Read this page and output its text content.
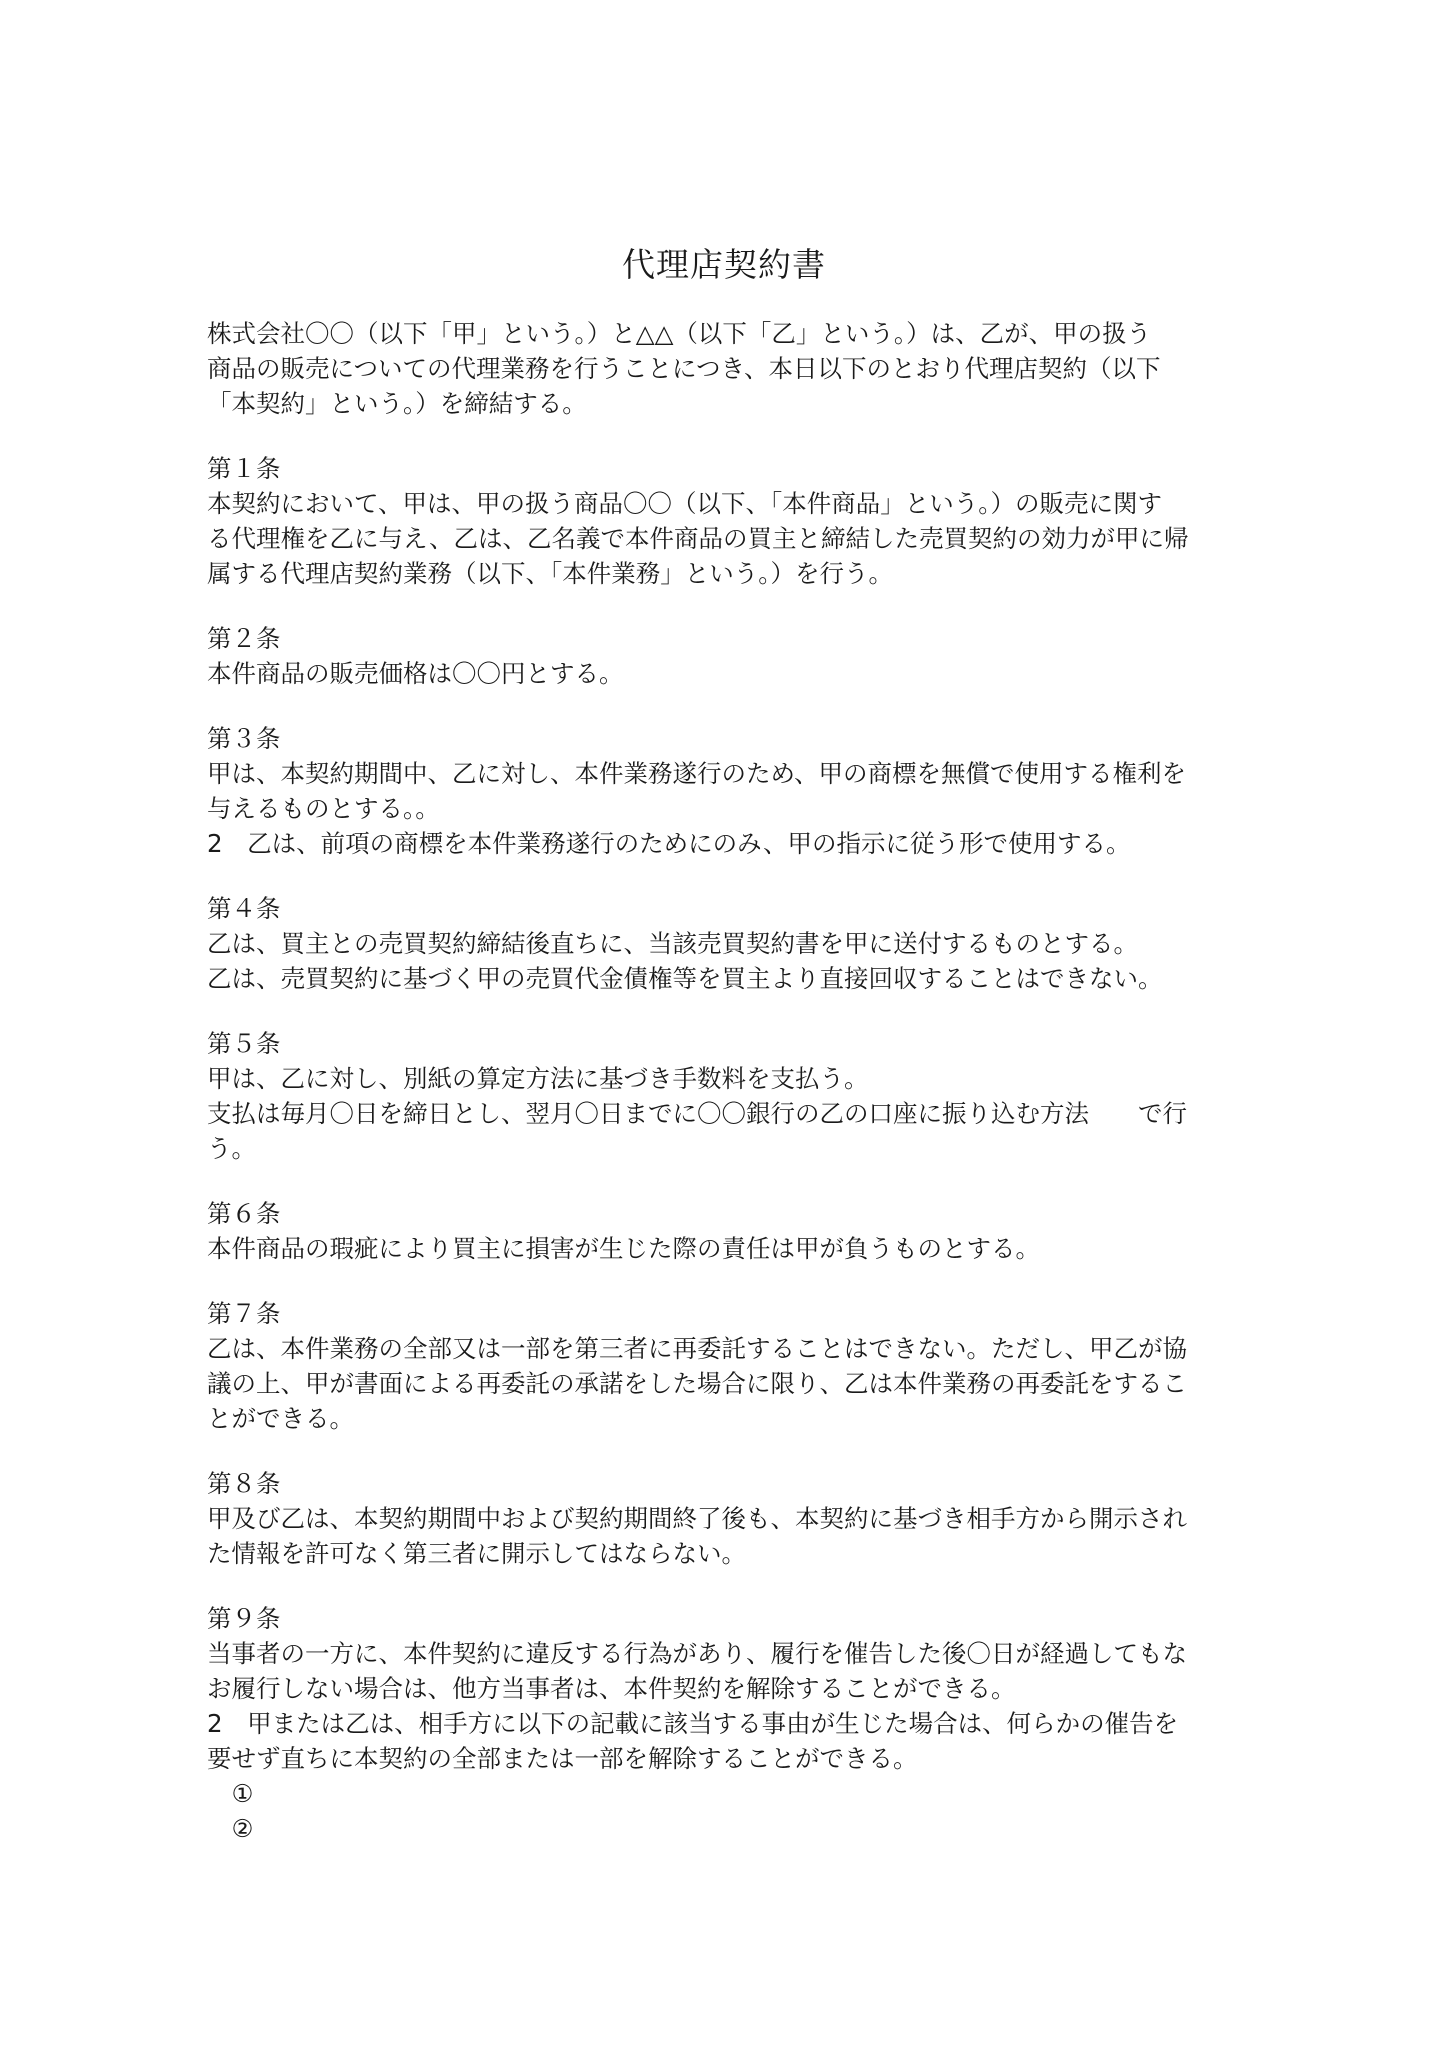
代理店契約書
株式会社〇〇（以下「甲」という。）と△△（以下「乙」という。）は、乙が、甲の扱う
商品の販売についての代理業務を行うことにつき、本日以下のとおり代理店契約（以下
「本契約」という。）を締結する。
第１条
本契約において、甲は、甲の扱う商品〇〇（以下、「本件商品」という。）の販売に関す
る代理権を乙に与え、乙は、乙名義で本件商品の買主と締結した売買契約の効力が甲に帰
属する代理店契約業務（以下、「本件業務」という。）を行う。
第２条
本件商品の販売価格は〇〇円とする。
第３条
甲は、本契約期間中、乙に対し、本件業務遂行のため、甲の商標を無償で使用する権利を
与えるものとする。。
2　乙は、前項の商標を本件業務遂行のためにのみ、甲の指示に従う形で使用する。
第４条
乙は、買主との売買契約締結後直ちに、当該売買契約書を甲に送付するものとする。
乙は、売買契約に基づく甲の売買代金債権等を買主より直接回収することはできない。
第５条
甲は、乙に対し、別紙の算定方法に基づき手数料を支払う。
支払は毎月〇日を締日とし、翌月〇日までに〇〇銀行の乙の口座に振り込む方法　　で行
う。
第６条
本件商品の瑕疵により買主に損害が生じた際の責任は甲が負うものとする。
第７条
乙は、本件業務の全部又は一部を第三者に再委託することはできない。ただし、甲乙が協
議の上、甲が書面による再委託の承諾をした場合に限り、乙は本件業務の再委託をするこ
とができる。
第８条
甲及び乙は、本契約期間中および契約期間終了後も、本契約に基づき相手方から開示され
た情報を許可なく第三者に開示してはならない。
第９条
当事者の一方に、本件契約に違反する行為があり、履行を催告した後〇日が経過してもな
お履行しない場合は、他方当事者は、本件契約を解除することができる。
2　甲または乙は、相手方に以下の記載に該当する事由が生じた場合は、何らかの催告を
要せず直ちに本契約の全部または一部を解除することができる。
　①
　②
